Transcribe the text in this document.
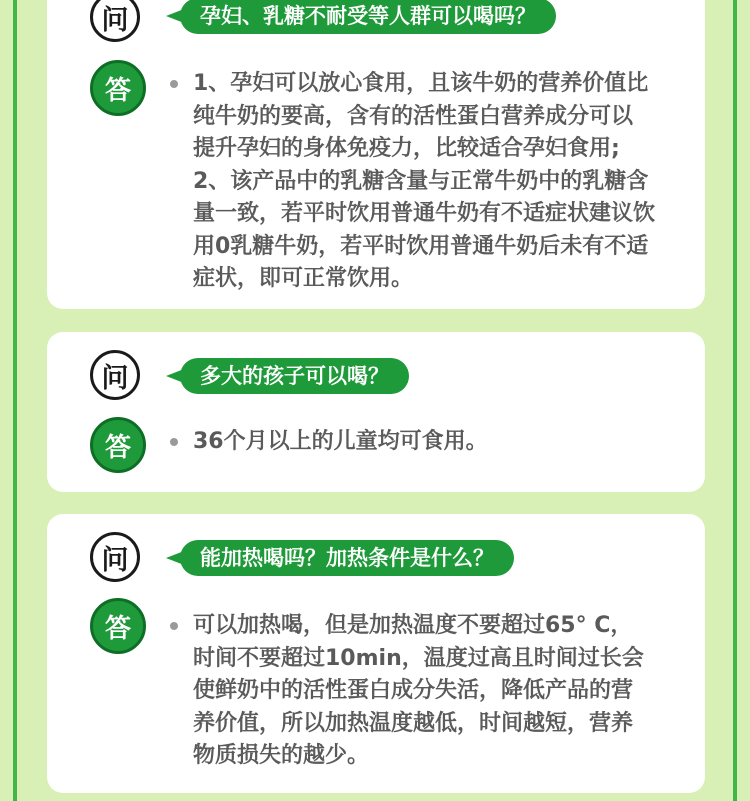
问	孕妇、乳糖不耐受等人群可以喝吗？
答	1、孕妇可以放心食用，且该牛奶的营养价值比
纯牛奶的要高，含有的活性蛋白营养成分可以
提升孕妇的身体免疫力，比较适合孕妇食用;
2、该产品中的乳糖含量与正常牛奶中的乳糖含
量一致，若平时饮用普通牛奶有不适症状建议饮
用0乳糖牛奶，若平时饮用普通牛奶后未有不适
症状，即可正常饮用。
问	多大的孩子可以喝？
答	36个月以上的儿童均可食用。
问	能加热喝吗？加热条件是什么？
答	可以加热喝，但是加热温度不要超过65° C，
时间不要超过10min，温度过高且时间过长会
使鲜奶中的活性蛋白成分失活，降低产品的营
养价值，所以加热温度越低，时间越短，营养
物质损失的越少。
